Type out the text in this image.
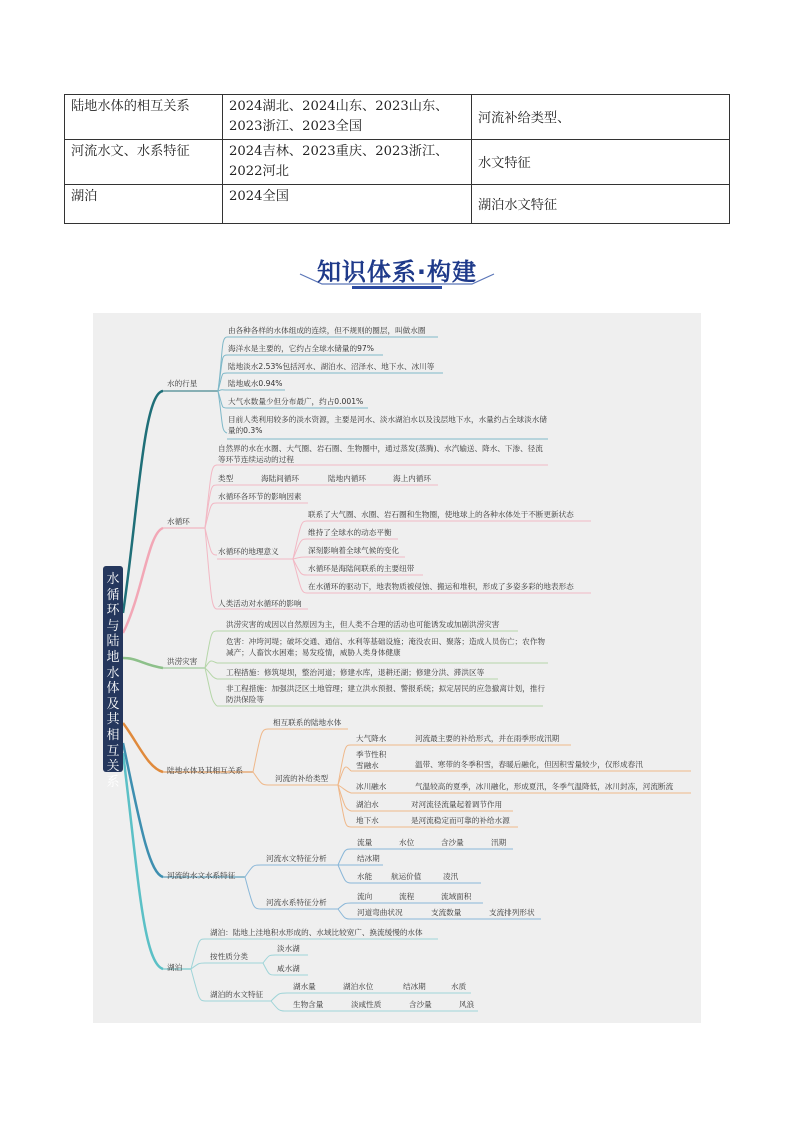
陆地水体的相互关系	2024湖北、2024山东、2023山东、2023浙江、2023全国	河流补给类型、
河流水文、水系特征	2024吉林、2023重庆、2023浙江、2022河北	水文特征
湖泊	2024全国	湖泊水文特征
知识体系·构建
水循环与陆地水体及其相互关系
水的行星
由各种各样的水体组成的连续，但不规则的圈层，叫做水圈
海洋水是主要的，它约占全球水储量的97%
陆地淡水2.53%包括河水、湖泊水、沼泽水、地下水、冰川等
陆地咸水0.94%
大气水数量少但分布最广，约占0.001%
目前人类利用较多的淡水资源，主要是河水、淡水湖泊水以及浅层地下水，水量约占全球淡水储量的0.3%
水循环
自然界的水在水圈、大气圈、岩石圈、生物圈中，通过蒸发(蒸腾)、水汽输送、降水、下渗、径流等环节连续运动的过程
类型	海陆间循环	陆地内循环	海上内循环
水循环各环节的影响因素
水循环的地理意义
联系了大气圈、水圈、岩石圈和生物圈，使地球上的各种水体处于不断更新状态
维持了全球水的动态平衡
深刻影响着全球气候的变化
水循环是海陆间联系的主要纽带
在水循环的驱动下，地表物质被侵蚀、搬运和堆积，形成了多姿多彩的地表形态
人类活动对水循环的影响
洪涝灾害
洪涝灾害的成因以自然原因为主，但人类不合理的活动也可能诱发或加剧洪涝灾害
危害：冲垮河堤；破坏交通、通信、水利等基础设施；淹没农田、聚落；造成人员伤亡；农作物减产；人畜饮水困难；易发疫情，威胁人类身体健康
工程措施：修筑堤坝，整治河道；修建水库，退耕还湖；修建分洪、滞洪区等
非工程措施：加强洪泛区土地管理；建立洪水预报、警报系统；拟定居民的应急撤离计划，推行防洪保险等
陆地水体及其相互关系
相互联系的陆地水体
河流的补给类型
大气降水	河流最主要的补给形式，并在雨季形成汛期
季节性积雪融水	温带、寒带的冬季积雪，春暖后融化，但因积雪量较少，仅形成春汛
冰川融水	气温较高的夏季，冰川融化，形成夏汛，冬季气温降低，冰川封冻，河流断流
湖泊水	对河流径流量起着调节作用
地下水	是河流稳定而可靠的补给水源
河流的水文水系特征
河流水文特征分析
河流水系特征分析
流量	水位	含沙量	汛期
结冰期
水能 航运价值	凌汛
流向	流程	流域面积
河道弯曲状况	支流数量	支流排列形状
湖泊
湖泊：陆地上洼地积水形成的、水域比较宽广、换流缓慢的水体
按性质分类
淡水湖
咸水湖
湖泊的水文特征
湖水量	湖泊水位	结冰期	水质
生物含量	淡咸性质	含沙量	风浪
